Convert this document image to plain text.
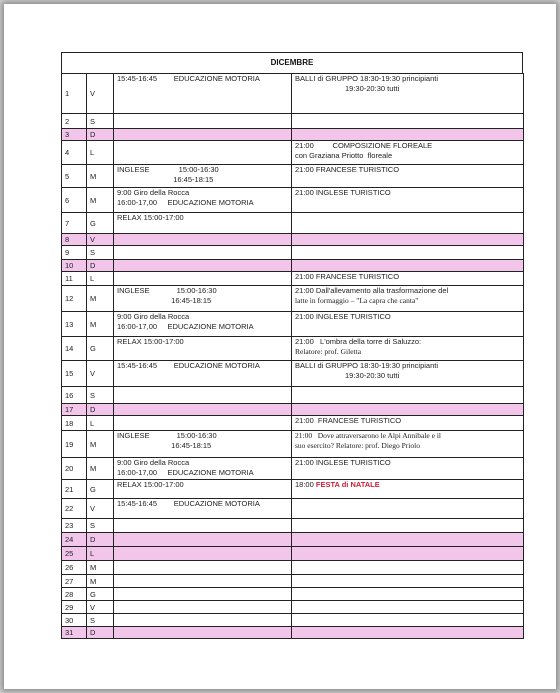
DICEMBRE
1	V	15:45-16:45        EDUCAZIONE MOTORIA	BALLI di GRUPPO 18:30-19:30 principianti
19:30-20:30 tutti

2	S		
3	D		
4	L		21:00         COMPOSIZIONE FLOREALE
con Graziana Priotto  floreale

5	M	INGLESE              15:00-16:30
16:45-18:15	21:00 FRANCESE TURISTICO

6	M	9:00 Giro della Rocca
16:00-17,00     EDUCAZIONE MOTORIA	21:00 INGLESE TURISTICO

7	G	RELAX 15:00-17:00	

8	V		
9	S		
10	D		
11	L		21:00 FRANCESE TURISTICO

12	M	INGLESE             15:00-16:30
16:45-18:15	21:00 Dall'allevamento alla trasformazione del
latte in formaggio – "La capra che canta"

13	M	9:00 Giro della Rocca
16:00-17,00     EDUCAZIONE MOTORIA	21:00 INGLESE TURISTICO

14	G	RELAX 15:00-17:00	21:00   L'ombra della torre di Saluzzo:
Relatore: prof. Giletta

15	V	15:45-16:45        EDUCAZIONE MOTORIA	BALLI di GRUPPO 18:30-19:30 principianti
19:30-20:30 tutti

16	S		
17	D		
18	L		21:00  FRANCESE TURISTICO

19	M	INGLESE             15:00-16:30
16:45-18:15	21:00   Dove attraversarono le Alpi Annibale e il
suo esercito? Relatore: prof. Diego Priolo

20	M	9:00 Giro della Rocca
16:00-17,00     EDUCAZIONE MOTORIA	21:00 INGLESE TURISTICO

21	G	RELAX 15:00-17:00	18:00 FESTA di NATALE

22	V	15:45-16:45        EDUCAZIONE MOTORIA	

23	S		
24	D		
25	L		
26	M		
27	M		
28	G		
29	V		
30	S		
31	D		
